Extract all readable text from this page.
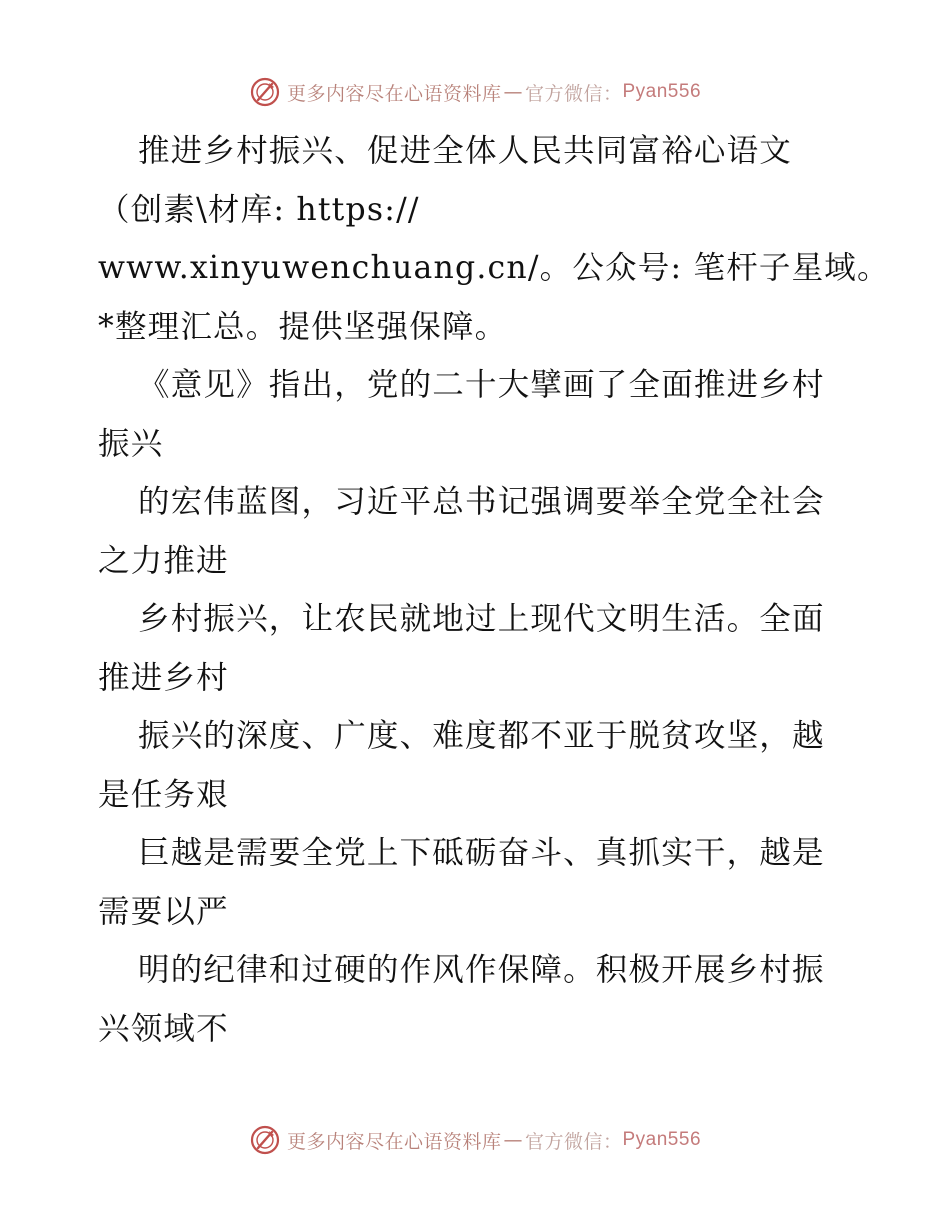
更多内容尽在心语资料库 — 官方微信： Pyan556
推进乡村振兴、促进全体人民共同富裕心语文
（创素\材库: https://
www.xinyuwenchuang.cn/。公众号: 笔杆子星域。
*整理汇总。提供坚强保障。
《意见》指出，党的二十大擘画了全面推进乡村
振兴
的宏伟蓝图，习近平总书记强调要举全党全社会
之力推进
乡村振兴，让农民就地过上现代文明生活。全面
推进乡村
振兴的深度、广度、难度都不亚于脱贫攻坚，越
是任务艰
巨越是需要全党上下砥砺奋斗、真抓实干，越是
需要以严
明的纪律和过硬的作风作保障。积极开展乡村振
兴领域不
更多内容尽在心语资料库 — 官方微信： Pyan556
